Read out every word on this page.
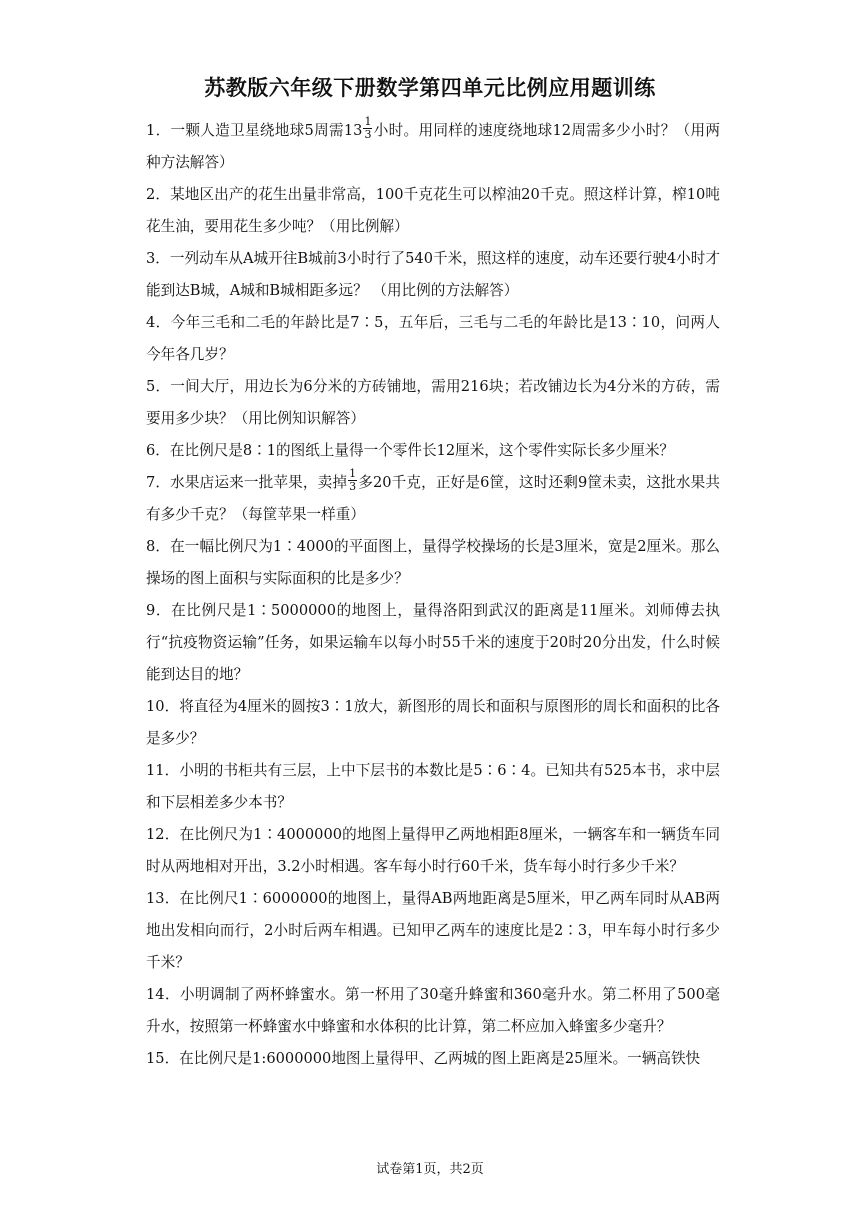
苏教版六年级下册数学第四单元比例应用题训练

1．一颗人造卫星绕地球5周需$13 \frac{1}{3}$ 小时。用同样的速度绕地球12周需多少小时？（用两种方法解答）

2．某地区出产的花生出量非常高，100千克花生可以榨油20千克。照这样计算，榨10吨花生油，要用花生多少吨？（用比例解）

3．一列动车从A城开往B城前3小时行了540千米，照这样的速度，动车还要行驶4小时才能到达B城，A城和B城相距多远？ （用比例的方法解答）

4．今年三毛和二毛的年龄比是7∶5，五年后，三毛与二毛的年龄比是13∶10，问两人今年各几岁？

5．一间大厅，用边长为6分米的方砖铺地，需用216块；若改铺边长为4分米的方砖，需要用多少块？（用比例知识解答）

6．在比例尺是8∶1的图纸上量得一个零件长12厘米，这个零件实际长多少厘米？

7．水果店运来一批苹果，卖掉 $\frac{1}{3}$ 多20千克，正好是6筐，这时还剩9筐未卖，这批水果共有多少千克？（每筐苹果一样重）

8．在一幅比例尺为1∶4000的平面图上，量得学校操场的长是3厘米，宽是2厘米。那么操场的图上面积与实际面积的比是多少？

9．在比例尺是1∶5000000的地图上，量得洛阳到武汉的距离是11厘米。刘师傅去执行“抗疫物资运输”任务，如果运输车以每小时55千米的速度于20时20分出发，什么时候能到达目的地？

10．将直径为4厘米的圆按3∶1放大，新图形的周长和面积与原图形的周长和面积的比各是多少？

11．小明的书柜共有三层，上中下层书的本数比是5∶6∶4。已知共有525本书，求中层和下层相差多少本书？

12．在比例尺为1∶4000000的地图上量得甲乙两地相距8厘米，一辆客车和一辆货车同时从两地相对开出，3.2小时相遇。客车每小时行60千米，货车每小时行多少千米？

13．在比例尺1∶6000000的地图上，量得AB两地距离是5厘米，甲乙两车同时从AB两地出发相向而行，2小时后两车相遇。已知甲乙两车的速度比是2∶3，甲车每小时行多少千米？

14．小明调制了两杯蜂蜜水。第一杯用了30毫升蜂蜜和360毫升水。第二杯用了500毫升水，按照第一杯蜂蜜水中蜂蜜和水体积的比计算，第二杯应加入蜂蜜多少毫升？

15．在比例尺是1:6000000地图上量得甲、乙两城的图上距离是25厘米。一辆高铁快

试卷第1页，共2页
